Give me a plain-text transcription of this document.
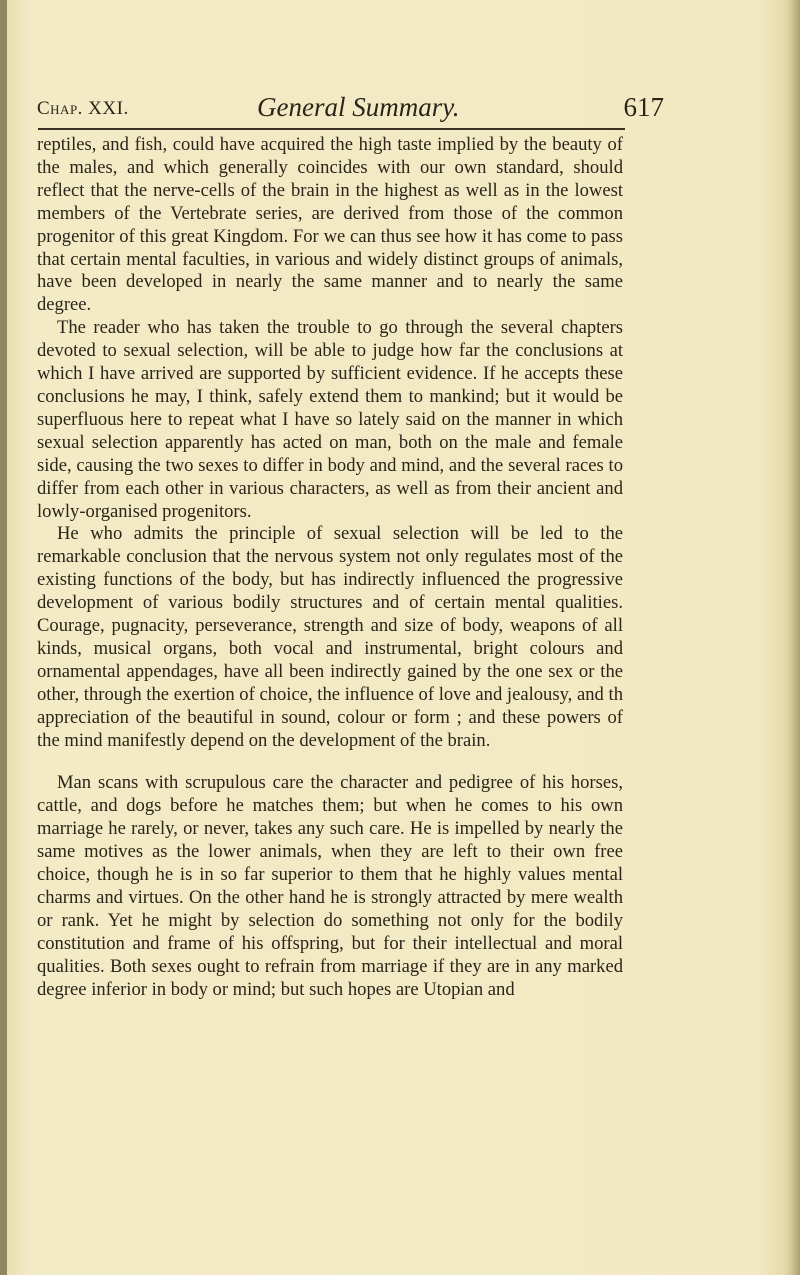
Chap. XXI.	General Summary.	617

reptiles, and fish, could have acquired the high taste implied by the beauty of the males, and which generally coincides with our own standard, should reflect that the nerve-cells of the brain in the highest as well as in the lowest members of the Vertebrate series, are derived from those of the common progenitor of this great Kingdom. For we can thus see how it has come to pass that certain mental faculties, in various and widely distinct groups of animals, have been developed in nearly the same manner and to nearly the same degree.

The reader who has taken the trouble to go through the several chapters devoted to sexual selection, will be able to judge how far the conclusions at which I have arrived are supported by sufficient evidence. If he accepts these conclusions he may, I think, safely extend them to mankind; but it would be superfluous here to repeat what I have so lately said on the manner in which sexual selection apparently has acted on man, both on the male and female side, causing the two sexes to differ in body and mind, and the several races to differ from each other in various characters, as well as from their ancient and lowly-organised progenitors.

He who admits the principle of sexual selection will be led to the remarkable conclusion that the nervous system not only regulates most of the existing functions of the body, but has indirectly influenced the progressive development of various bodily structures and of certain mental qualities. Courage, pugnacity, perseverance, strength and size of body, weapons of all kinds, musical organs, both vocal and instrumental, bright colours and ornamental appendages, have all been indirectly gained by the one sex or the other, through the exertion of choice, the influence of love and jealousy, and th appreciation of the beautiful in sound, colour or form ; and these powers of the mind manifestly depend on the development of the brain.

Man scans with scrupulous care the character and pedigree of his horses, cattle, and dogs before he matches them; but when he comes to his own marriage he rarely, or never, takes any such care. He is impelled by nearly the same motives as the lower animals, when they are left to their own free choice, though he is in so far superior to them that he highly values mental charms and virtues. On the other hand he is strongly attracted by mere wealth or rank. Yet he might by selection do something not only for the bodily constitution and frame of his offspring, but for their intellectual and moral qualities. Both sexes ought to refrain from marriage if they are in any marked degree inferior in body or mind; but such hopes are Utopian and
